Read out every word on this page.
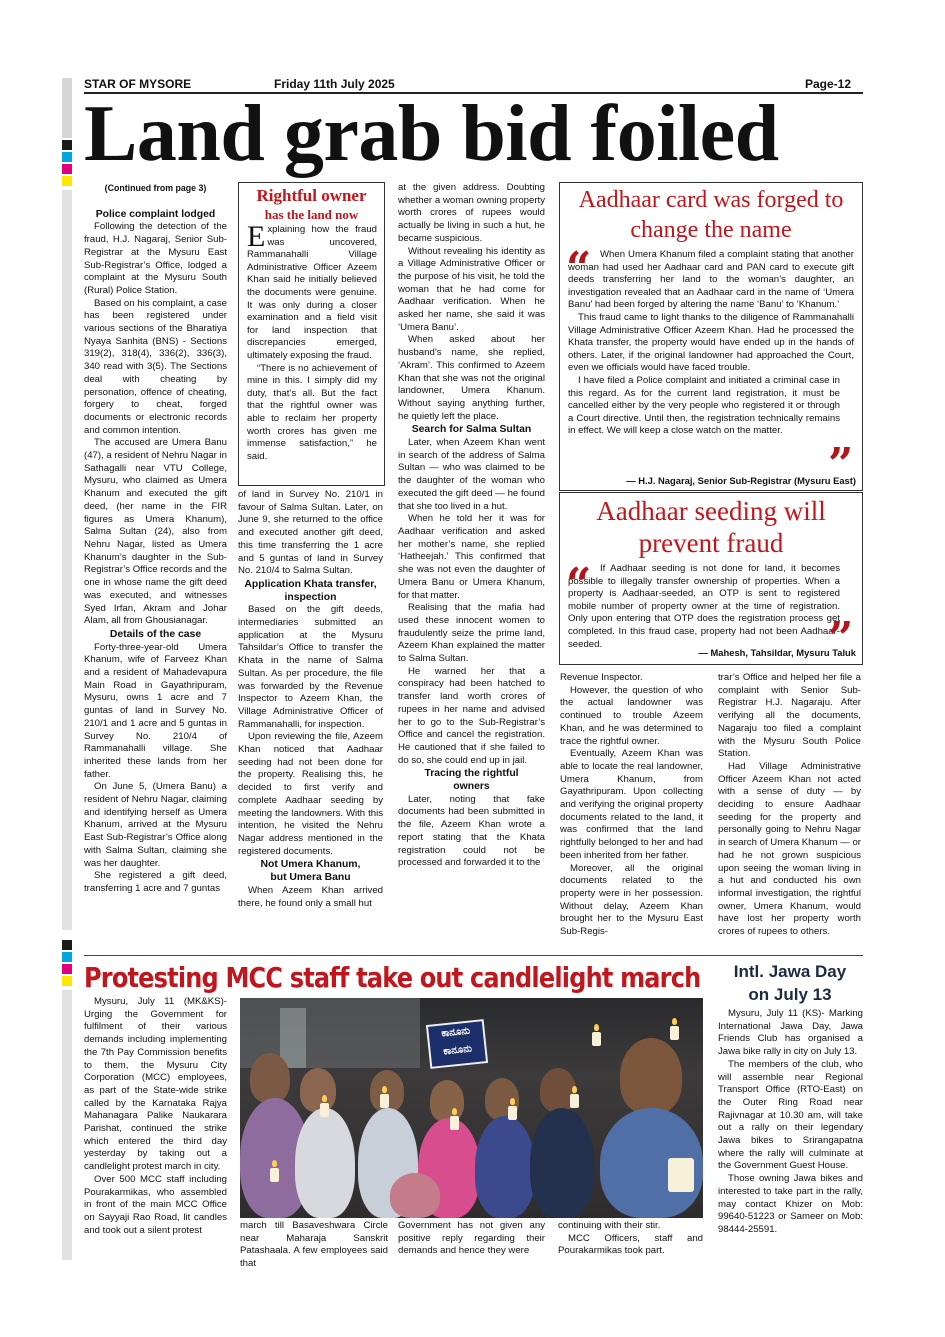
STAR OF MYSORE	Friday 11th July 2025	Page-12
Land grab bid foiled

(Continued from page 3)

Police complaint lodged

Following the detection of the fraud, H.J. Nagaraj, Senior Sub-Registrar at the Mysuru East Sub-Registrar’s Office, lodged a complaint at the Mysuru South (Rural) Police Station.

Based on his complaint, a case has been registered under various sections of the Bharatiya Nyaya Sanhita (BNS) - Sections 319(2), 318(4), 336(2), 336(3), 340 read with 3(5). The Sections deal with cheating by personation, offence of cheating, forgery to cheat, forged documents or electronic records and common intention.

The accused are Umera Banu (47), a resident of Nehru Nagar in Sathagalli near VTU College, Mysuru, who claimed as Umera Khanum and executed the gift deed, (her name in the FIR figures as Umera Khanum), Salma Sultan (24), also from Nehru Nagar, listed as Umera Khanum’s daughter in the Sub-Registrar’s Office records and the one in whose name the gift deed was executed, and witnesses Syed Irfan, Akram and Johar Alam, all from Ghousianagar.

Details of the case

Forty-three-year-old Umera Khanum, wife of Farveez Khan and a resident of Mahadevapura Main Road in Gayathripuram, Mysuru, owns 1 acre and 7 guntas of land in Survey No. 210/1 and 1 acre and 5 guntas in Survey No. 210/4 of Rammanahalli village. She inherited these lands from her father.

On June 5, (Umera Banu) a resident of Nehru Nagar, claiming and identifying herself as Umera Khanum, arrived at the Mysuru East Sub-Registrar’s Office along with Salma Sultan, claiming she was her daughter.

She registered a gift deed, transferring 1 acre and 7 guntas

Rightful owner
has the land now

Explaining how the fraud was uncovered, Rammanahalli Village Administrative Officer Azeem Khan said he initially believed the documents were genuine. It was only during a closer examination and a field visit for land inspection that discrepancies emerged, ultimately exposing the fraud.

“There is no achievement of mine in this. I simply did my duty, that’s all. But the fact that the rightful owner was able to reclaim her property worth crores has given me immense satisfaction,” he said.

of land in Survey No. 210/1 in favour of Salma Sultan. Later, on June 9, she returned to the office and executed another gift deed, this time transferring the 1 acre and 5 guntas of land in Survey No. 210/4 to Salma Sultan.

Application Khata transfer, inspection

Based on the gift deeds, intermediaries submitted an application at the Mysuru Tahsildar’s Office to transfer the Khata in the name of Salma Sultan. As per procedure, the file was forwarded by the Revenue Inspector to Azeem Khan, the Village Administrative Officer of Rammanahalli, for inspection.

Upon reviewing the file, Azeem Khan noticed that Aadhaar seeding had not been done for the property. Realising this, he decided to first verify and complete Aadhaar seeding by meeting the landowners. With this intention, he visited the Nehru Nagar address mentioned in the registered documents.

Not Umera Khanum, but Umera Banu

When Azeem Khan arrived there, he found only a small hut

at the given address. Doubting whether a woman owning property worth crores of rupees would actually be living in such a hut, he became suspicious.

Without revealing his identity as a Village Administrative Officer or the purpose of his visit, he told the woman that he had come for Aadhaar verification. When he asked her name, she said it was ‘Umera Banu’.

When asked about her husband’s name, she replied, ‘Akram’. This confirmed to Azeem Khan that she was not the original landowner, Umera Khanum. Without saying anything further, he quietly left the place.

Search for Salma Sultan

Later, when Azeem Khan went in search of the address of Salma Sultan — who was claimed to be the daughter of the woman who executed the gift deed — he found that she too lived in a hut.

When he told her it was for Aadhaar verification and asked her mother’s name, she replied ‘Hatheejah.’ This confirmed that she was not even the daughter of Umera Banu or Umera Khanum, for that matter.

Realising that the mafia had used these innocent women to fraudulently seize the prime land, Azeem Khan explained the matter to Salma Sultan.

He warned her that a conspiracy had been hatched to transfer land worth crores of rupees in her name and advised her to go to the Sub-Registrar’s Office and cancel the registration. He cautioned that if she failed to do so, she could end up in jail.

Tracing the rightful owners

Later, noting that fake documents had been submitted in the file, Azeem Khan wrote a report stating that the Khata registration could not be processed and forwarded it to the

Aadhaar card was forged to change the name
“ When Umera Khanum filed a complaint stating that another woman had used her Aadhaar card and PAN card to execute gift deeds transferring her land to the woman’s daughter, an investigation revealed that an Aadhaar card in the name of ‘Umera Banu’ had been forged by altering the name ‘Banu’ to ‘Khanum.’

This fraud came to light thanks to the diligence of Rammanahalli Village Administrative Officer Azeem Khan. Had he processed the Khata transfer, the property would have ended up in the hands of others. Later, if the original landowner had approached the Court, even we officials would have faced trouble.

I have filed a Police complaint and initiated a criminal case in this regard. As for the current land registration, it must be cancelled either by the very people who registered it or through a Court directive. Until then, the registration technically remains in effect. We will keep a close watch on the matter.

”
— H.J. Nagaraj, Senior Sub-Registrar (Mysuru East)
Aadhaar seeding will prevent fraud
“ If Aadhaar seeding is not done for land, it becomes possible to illegally transfer ownership of properties. When a property is Aadhaar-seeded, an OTP is sent to registered mobile number of property owner at the time of registration. Only upon entering that OTP does the registration process get completed. In this fraud case, property had not been Aadhaar-seeded.	”
— Mahesh, Tahsildar, Mysuru Taluk

Revenue Inspector.

However, the question of who the actual landowner was continued to trouble Azeem Khan, and he was determined to trace the rightful owner.

Eventually, Azeem Khan was able to locate the real landowner, Umera Khanum, from Gayathripuram. Upon collecting and verifying the original property documents related to the land, it was confirmed that the land rightfully belonged to her and had been inherited from her father.

Moreover, all the original documents related to the property were in her possession. Without delay, Azeem Khan brought her to the Mysuru East Sub-Regis-

trar’s Office and helped her file a complaint with Senior Sub-Registrar H.J. Nagaraju. After verifying all the documents, Nagaraju too filed a complaint with the Mysuru South Police Station.

Had Village Administrative Officer Azeem Khan not acted with a sense of duty — by deciding to ensure Aadhaar seeding for the property and personally going to Nehru Nagar in search of Umera Khanum — or had he not grown suspicious upon seeing the woman living in a hut and conducted his own informal investigation, the rightful owner, Umera Khanum, would have lost her property worth crores of rupees to others.

Protesting MCC staff take out candlelight march

Mysuru, July 11 (MK&KS)- Urging the Government for fulfilment of their various demands including implementing the 7th Pay Commission benefits to them, the Mysuru City Corporation (MCC) employees, as part of the State-wide strike called by the Karnataka Rajya Mahanagara Palike Naukarara Parishat, continued the strike which entered the third day yesterday by taking out a candlelight protest march in city.

Over 500 MCC staff including Pourakarmikas, who assembled in front of the main MCC Office on Sayyaji Rao Road, lit candles and took out a silent protest

ಕಾನೂನು
ಕಾನೂನು

march till Basaveshwara Circle near Maharaja Sanskrit Patashaala. A few employees said that

Government has not given any positive reply regarding their demands and hence they were

continuing with their stir.

MCC Officers, staff and Pourakarmikas took part.

Intl. Jawa Day
on July 13

Mysuru, July 11 (KS)- Marking International Jawa Day, Jawa Friends Club has organised a Jawa bike rally in city on July 13.

The members of the club, who will assemble near Regional Transport Office (RTO-East) on the Outer Ring Road near Rajivnagar at 10.30 am, will take out a rally on their legendary Jawa bikes to Srirangapatna where the rally will culminate at the Government Guest House.

Those owning Jawa bikes and interested to take part in the rally, may contact Khizer on Mob: 99640-51223 or Sameer on Mob: 98444-25591.
